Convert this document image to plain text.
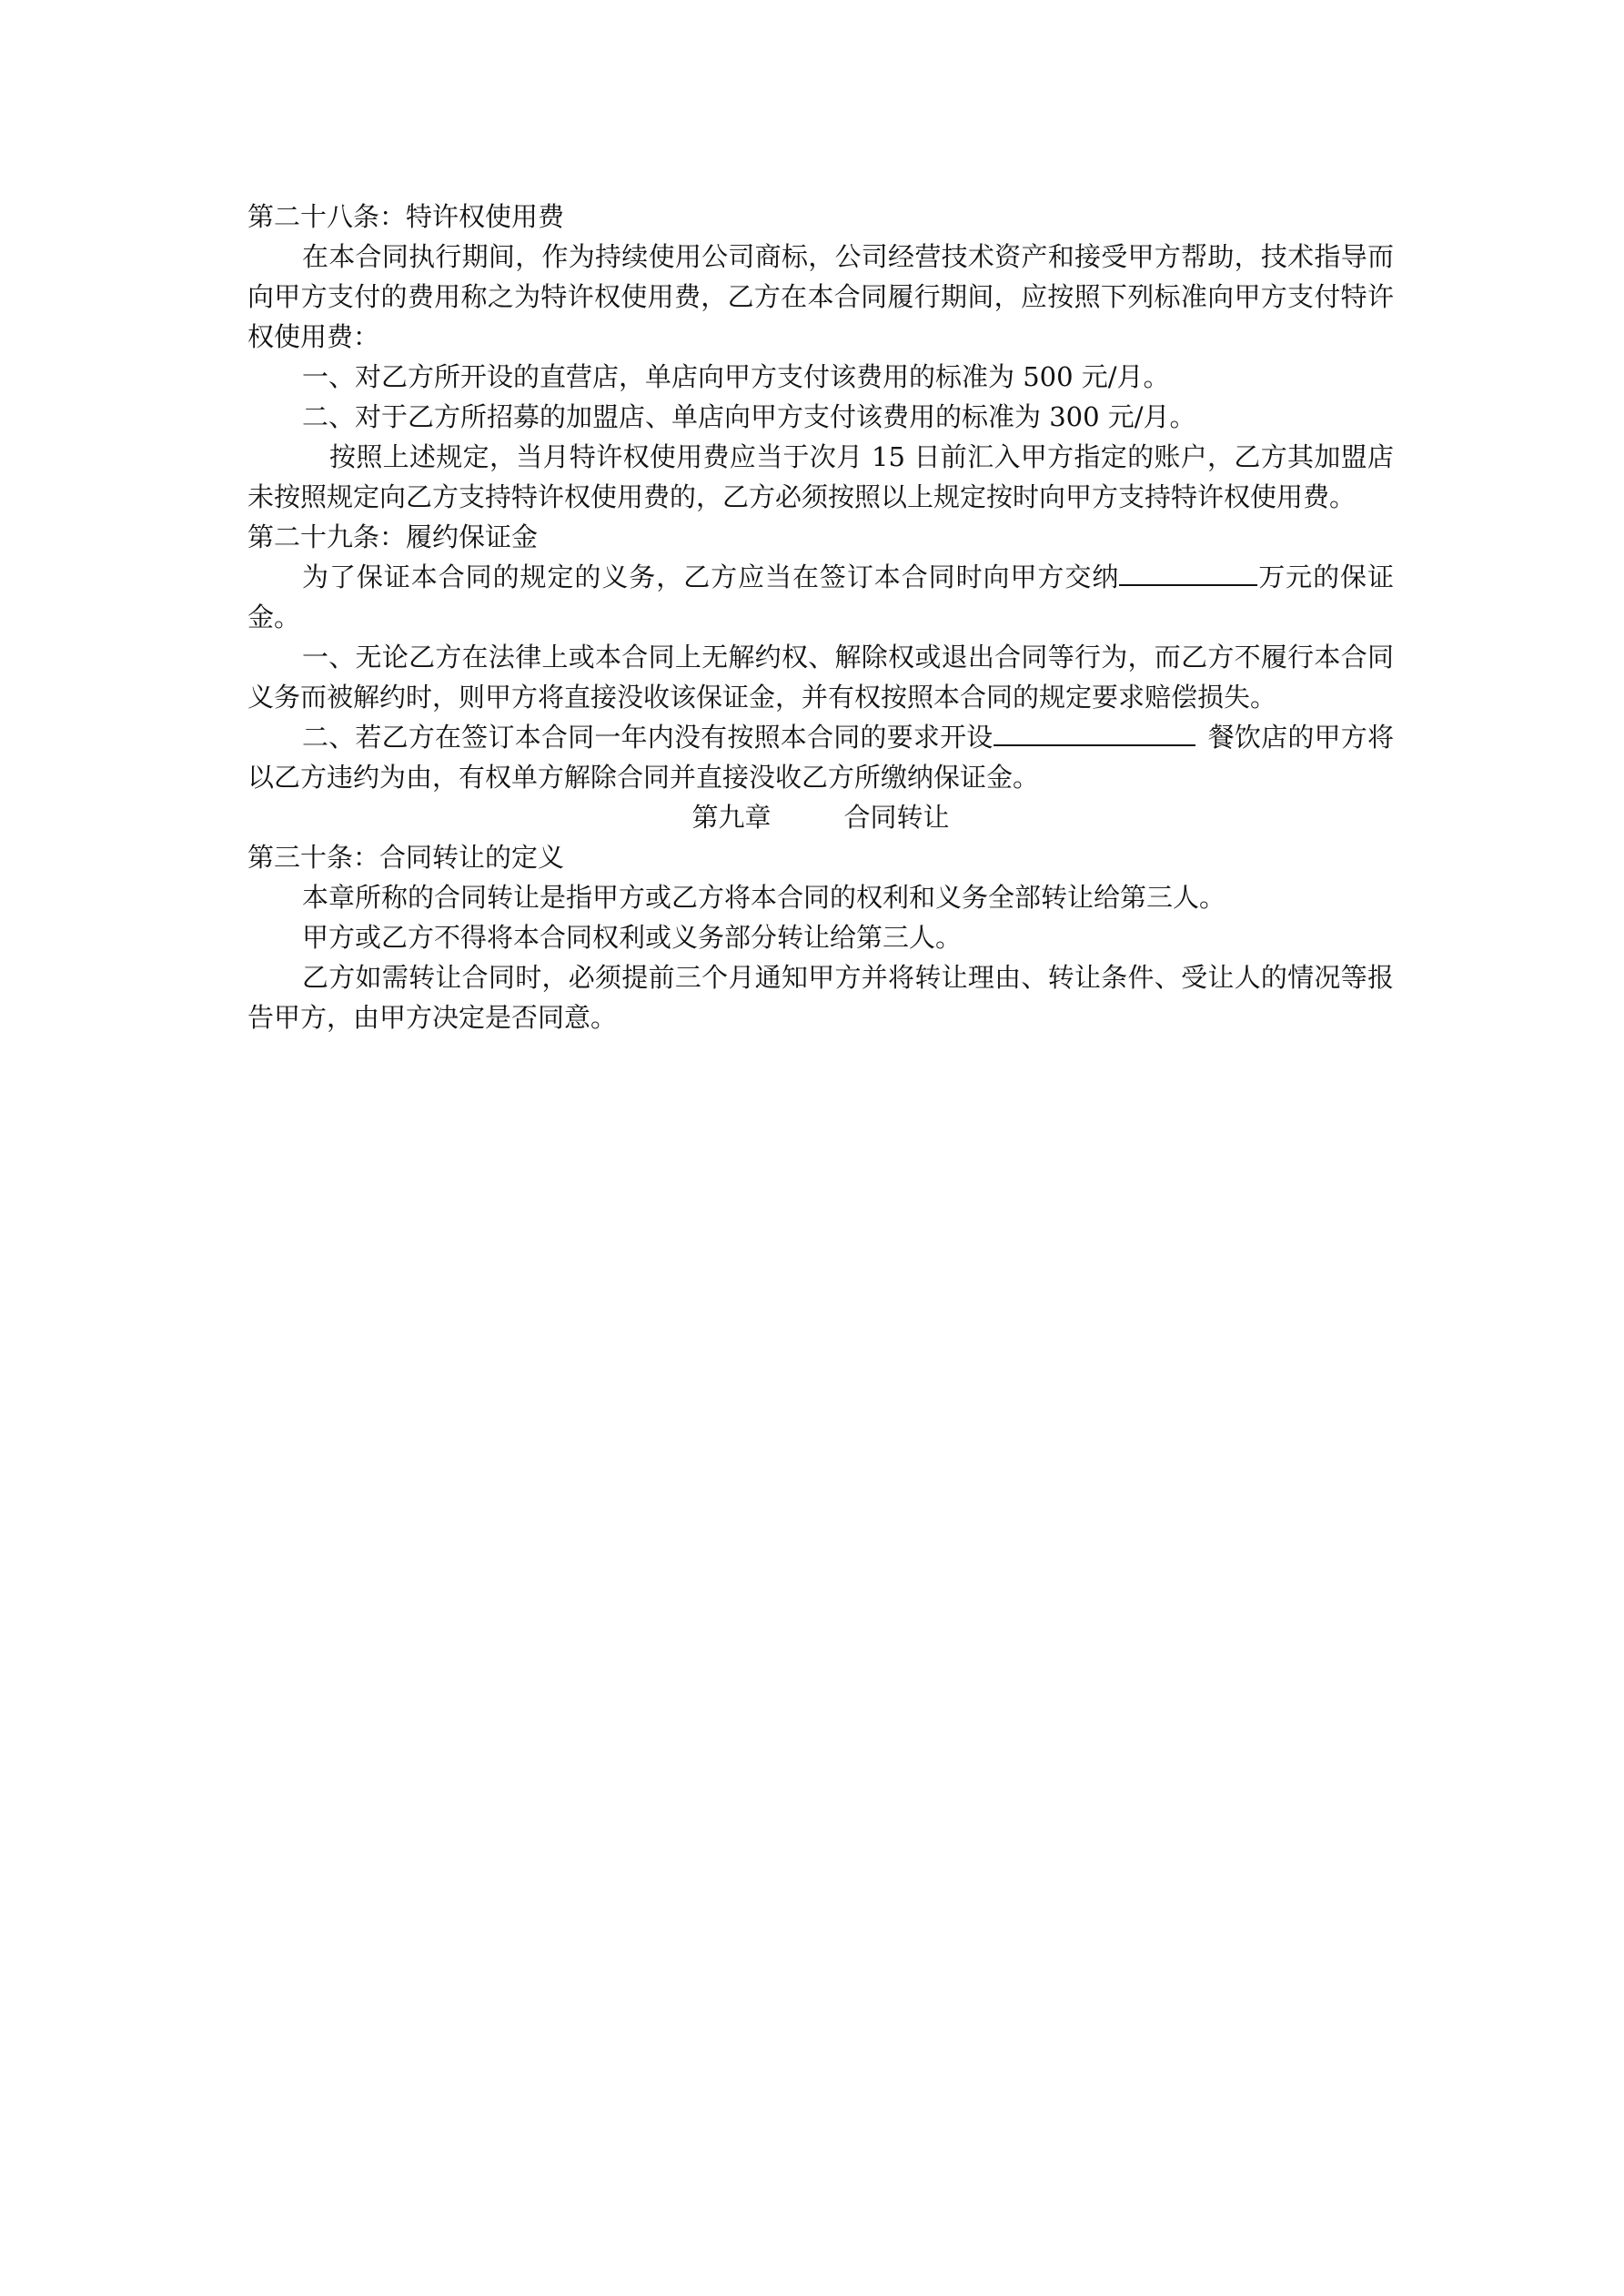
第二十八条：特许权使用费

在本合同执行期间，作为持续使用公司商标，公司经营技术资产和接受甲方帮助，技术指导而向甲方支付的费用称之为特许权使用费，乙方在本合同履行期间，应按照下列标准向甲方支付特许权使用费：

一、对乙方所开设的直营店，单店向甲方支付该费用的标准为 500 元/月。

二、对于乙方所招募的加盟店、单店向甲方支付该费用的标准为 300 元/月。

按照上述规定，当月特许权使用费应当于次月 15 日前汇入甲方指定的账户，乙方其加盟店未按照规定向乙方支持特许权使用费的，乙方必须按照以上规定按时向甲方支持特许权使用费。

第二十九条：履约保证金

为了保证本合同的规定的义务，乙方应当在签订本合同时向甲方交纳	万元的保证金。

一、无论乙方在法律上或本合同上无解约权、解除权或退出合同等行为，而乙方不履行本合同义务而被解约时，则甲方将直接没收该保证金，并有权按照本合同的规定要求赔偿损失。

二、若乙方在签订本合同一年内没有按照本合同的要求开设	餐饮店的甲方将以乙方违约为由，有权单方解除合同并直接没收乙方所缴纳保证金。

第九章	合同转让

第三十条：合同转让的定义

本章所称的合同转让是指甲方或乙方将本合同的权利和义务全部转让给第三人。

甲方或乙方不得将本合同权利或义务部分转让给第三人。

乙方如需转让合同时，必须提前三个月通知甲方并将转让理由、转让条件、受让人的情况等报告甲方，由甲方决定是否同意。
